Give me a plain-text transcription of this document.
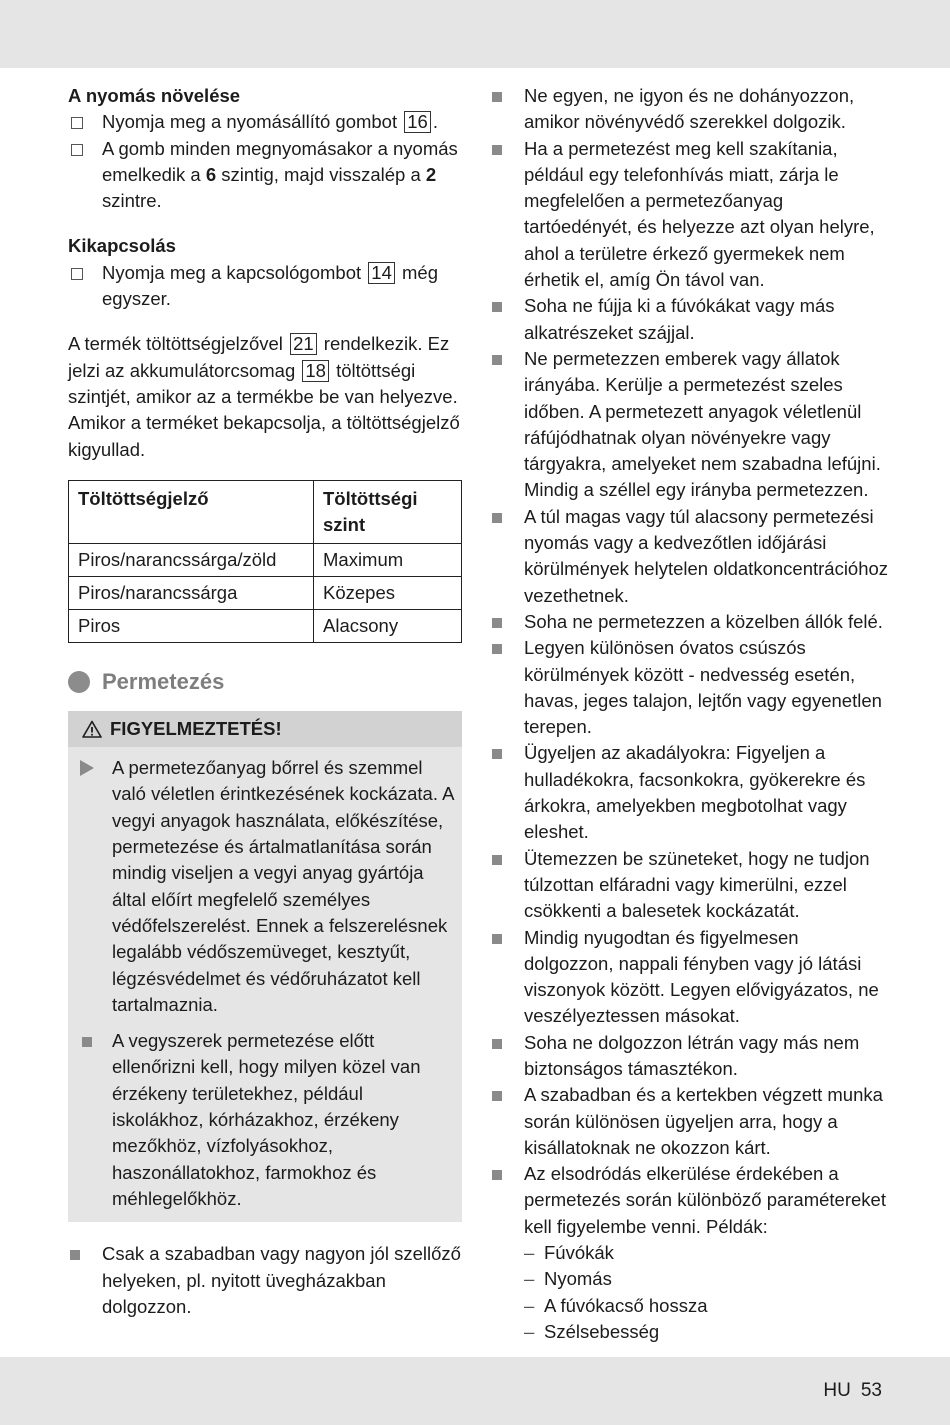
A nyomás növelése

Nyomja meg a nyomásállító gombot 16 .
A gomb minden megnyomásakor a nyomás emelkedik a 6 szintig, majd visszalép a 2 szintre.

Kikapcsolás

Nyomja meg a kapcsológombot 14 még egyszer.

A termék töltöttségjelzővel 21 rendelkezik. Ez jelzi az akkumulátorcsomag 18 töltöttségi szintjét, amikor az a termékbe be van helyezve. Amikor a terméket bekapcsolja, a töltöttségjelző kigyullad.

Töltöttségjelző	Töltöttségi szint
Piros/narancssárga/zöld	Maximum
Piros/narancssárga	Közepes
Piros	Alacsony
Permetezés
FIGYELMEZTETÉS!
A permetezőanyag bőrrel és szemmel való véletlen érintkezésének kockázata. A vegyi anyagok használata, előkészítése, permetezése és ártalmatlanítása során mindig viseljen a vegyi anyag gyártója által előírt megfelelő személyes védőfelszerelést. Ennek a felszerelésnek legalább védőszemüveget, kesztyűt, légzésvédelmet és védőruházatot kell tartalmaznia.
A vegyszerek permetezése előtt ellenőrizni kell, hogy milyen közel van érzékeny területekhez, például iskolákhoz, kórházakhoz, érzékeny mezőkhöz, vízfolyásokhoz, haszonállatokhoz, farmokhoz és méhlegelőkhöz.
Csak a szabadban vagy nagyon jól szellőző helyeken, pl. nyitott üvegházakban dolgozzon.
Ne egyen, ne igyon és ne dohányozzon, amikor növényvédő szerekkel dolgozik.
Ha a permetezést meg kell szakítania, például egy telefonhívás miatt, zárja le megfelelően a permetezőanyag tartóedényét, és helyezze azt olyan helyre, ahol a területre érkező gyermekek nem érhetik el, amíg Ön távol van.
Soha ne fújja ki a fúvókákat vagy más alkatrészeket szájjal.
Ne permetezzen emberek vagy állatok irányába. Kerülje a permetezést szeles időben. A permetezett anyagok véletlenül ráfújódhatnak olyan növényekre vagy tárgyakra, amelyeket nem szabadna lefújni. Mindig a széllel egy irányba permetezzen.
A túl magas vagy túl alacsony permetezési nyomás vagy a kedvezőtlen időjárási körülmények helytelen oldatkoncentrációhoz vezethetnek.
Soha ne permetezzen a közelben állók felé.
Legyen különösen óvatos csúszós körülmények között - nedvesség esetén, havas, jeges talajon, lejtőn vagy egyenetlen terepen.
Ügyeljen az akadályokra: Figyeljen a hulladékokra, facsonkokra, gyökerekre és árkokra, amelyekben megbotolhat vagy eleshet.
Ütemezzen be szüneteket, hogy ne tudjon túlzottan elfáradni vagy kimerülni, ezzel csökkenti a balesetek kockázatát.
Mindig nyugodtan és figyelmesen dolgozzon, nappali fényben vagy jó látási viszonyok között. Legyen elővigyázatos, ne veszélyeztessen másokat.
Soha ne dolgozzon létrán vagy más nem biztonságos támasztékon.
A szabadban és a kertekben végzett munka során különösen ügyeljen arra, hogy a kisállatoknak ne okozzon kárt.
Az elsodródás elkerülése érdekében a permetezés során különböző paramétereket kell figyelembe venni. Példák:
– Fúvókák
– Nyomás
– A fúvókacső hossza
– Szélsebesség
HU 53
